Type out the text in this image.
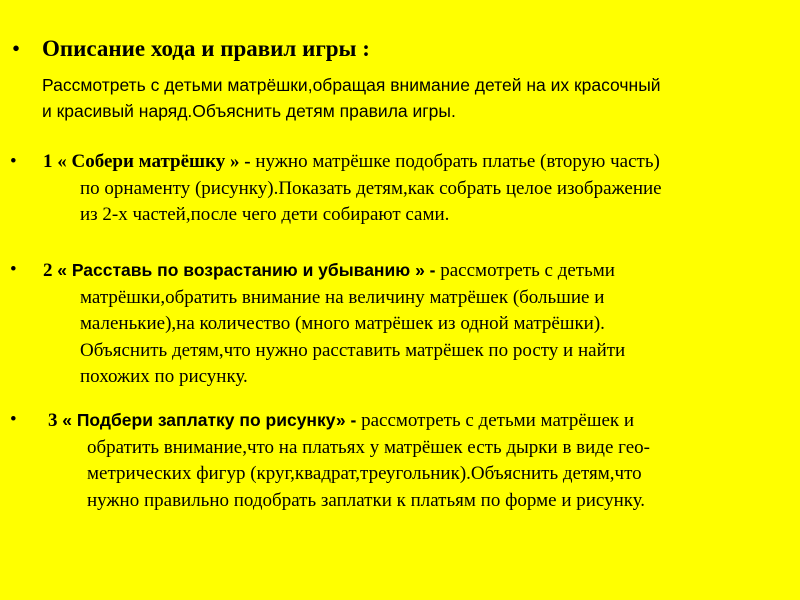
• Описание хода и правил игры :
Рассмотреть с детьми матрёшки,обращая внимание детей на их красочный
и красивый наряд.Объяснить детям правила игры.
•	1 « Собери матрёшку » - нужно матрёшке подобрать платье (вторую часть)
по орнаменту (рисунку).Показать детям,как собрать целое изображение
из 2-х частей,после чего дети собирают сами.
•	2 « Расставь по возрастанию и убыванию » - рассмотреть с детьми
матрёшки,обратить внимание на величину матрёшек (большие и
маленькие),на количество (много матрёшек из одной матрёшки).
Объяснить детям,что нужно расставить матрёшек по росту и найти
похожих по рисунку.
•	3 « Подбери заплатку по рисунку» - рассмотреть с детьми матрёшек и
обратить внимание,что на платьях у матрёшек есть дырки в виде гео-
метрических фигур (круг,квадрат,треугольник).Объяснить детям,что
нужно правильно подобрать заплатки к платьям по форме и рисунку.
